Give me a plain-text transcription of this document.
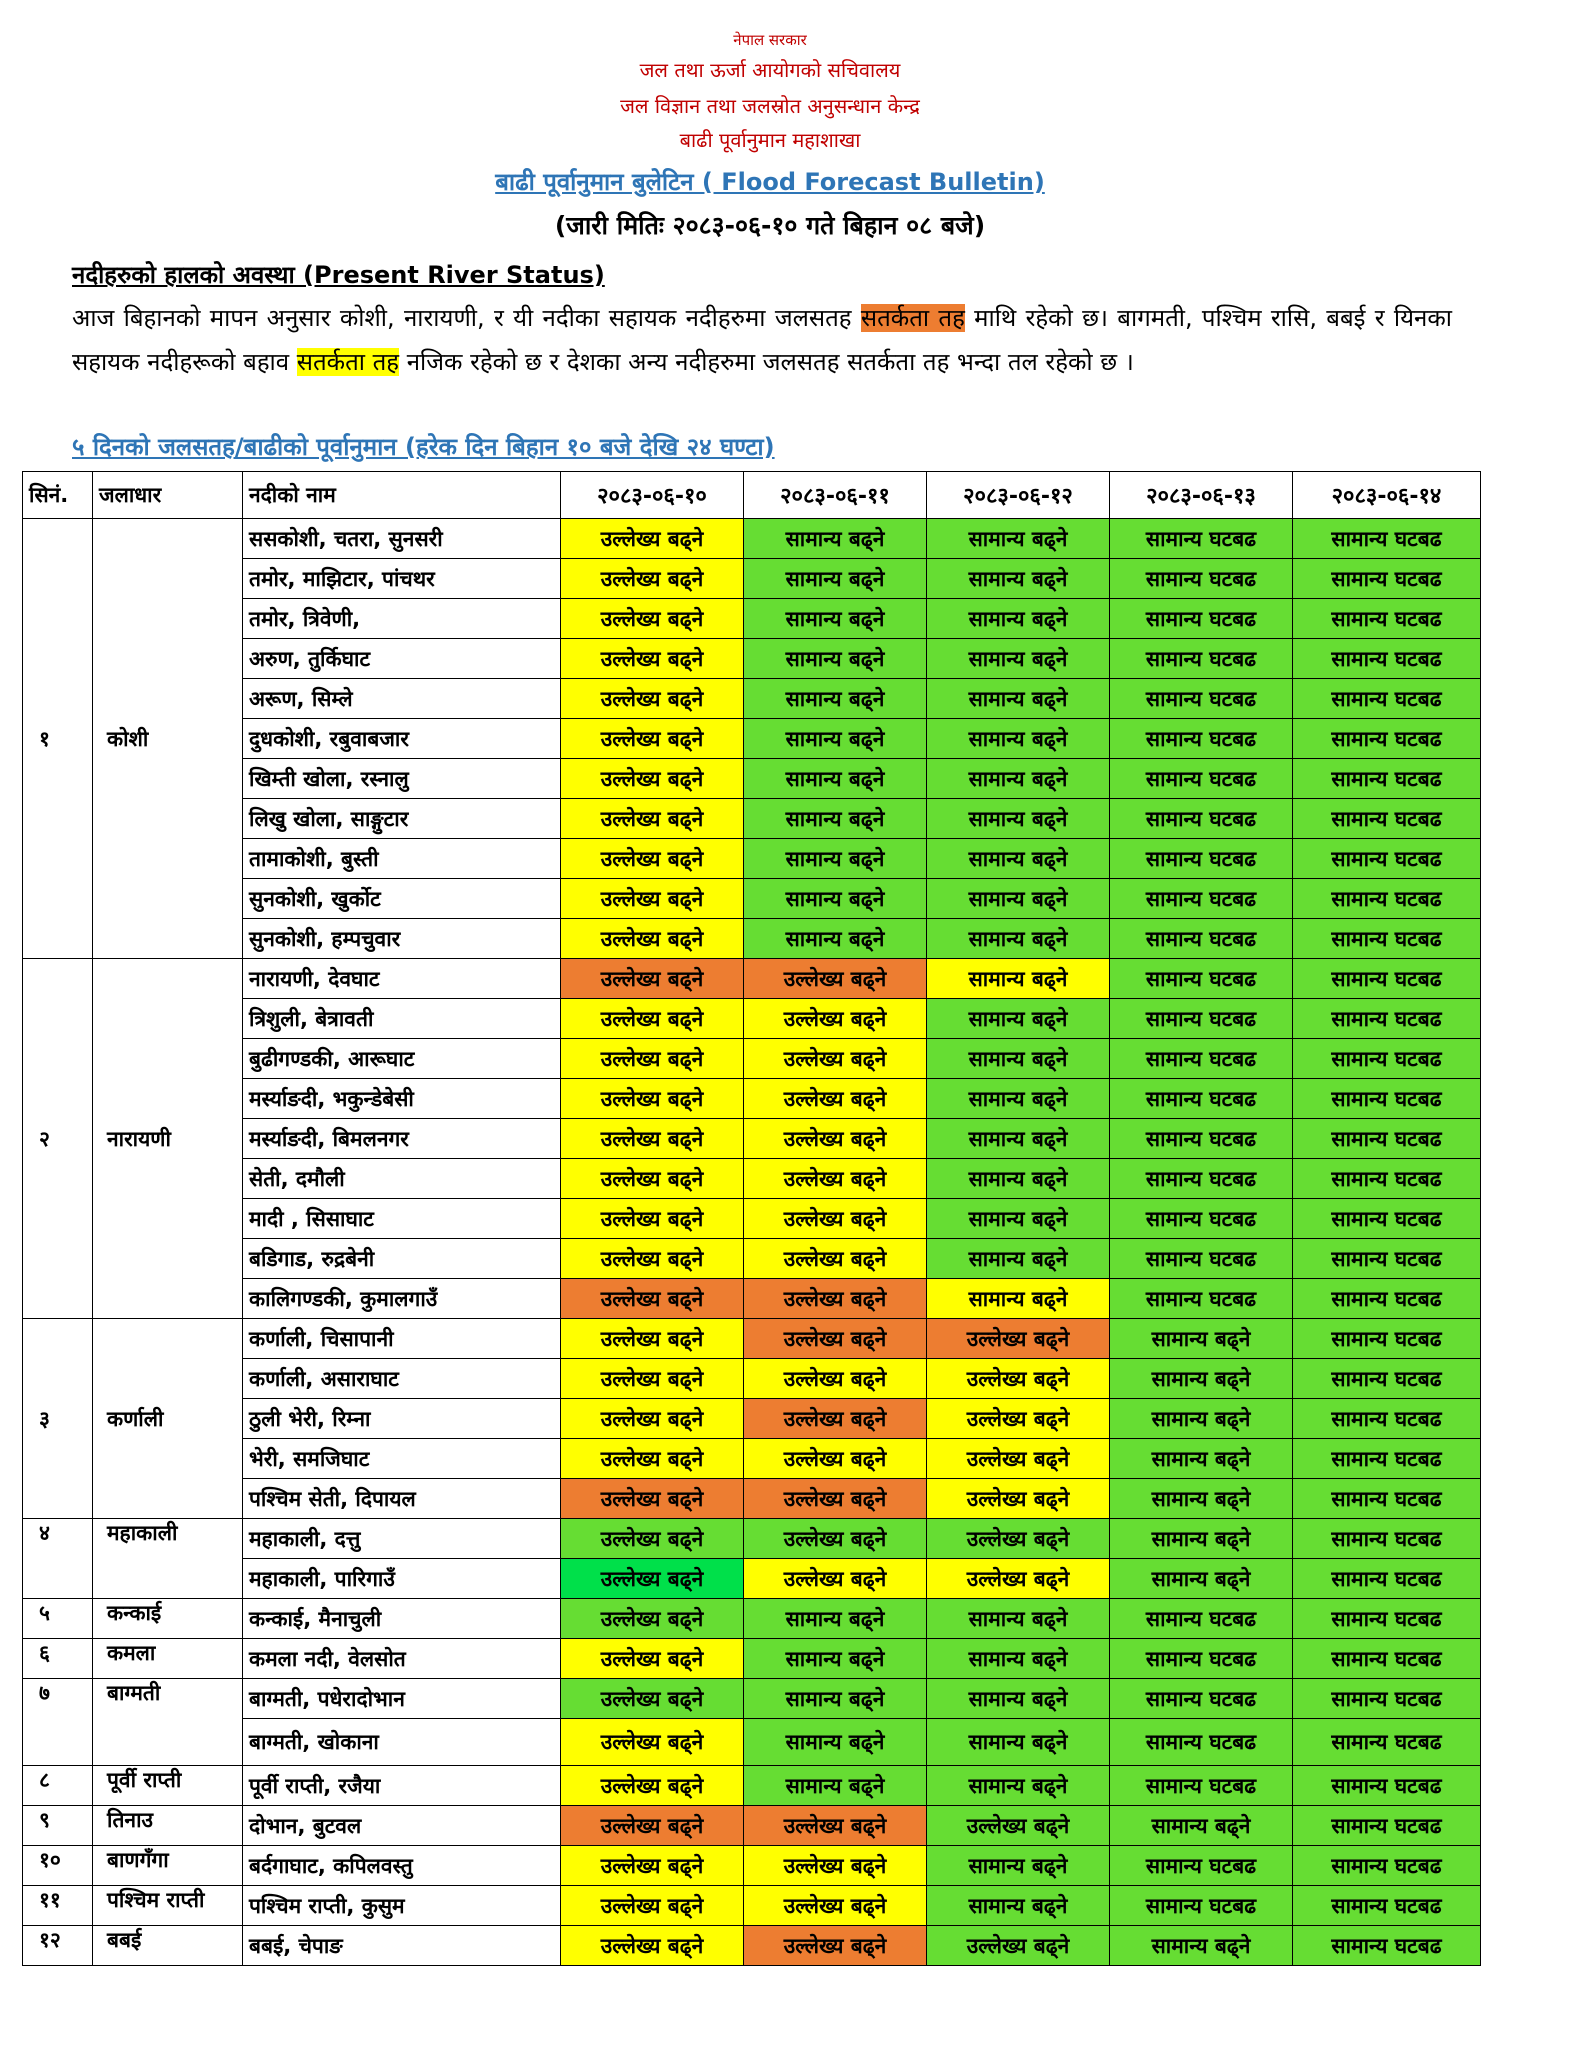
नेपाल सरकार
जल तथा ऊर्जा आयोगको सचिवालय
जल विज्ञान तथा जलस्रोत अनुसन्धान केन्द्र
बाढी पूर्वानुमान महाशाखा
बाढी पूर्वानुमान बुलेटिन ( Flood Forecast Bulletin)
(जारी मितिः २०८३-०६-१० गते बिहान ०८ बजे)
नदीहरुको हालको अवस्था (Present River Status)
आज बिहानको मापन अनुसार कोशी, नारायणी, र यी नदीका सहायक नदीहरुमा जलसतह सतर्कता तह माथि रहेको छ। बागमती, पश्चिम रासि, बबई र यिनका सहायक नदीहरूको बहाव सतर्कता तह नजिक रहेको छ र देशका अन्य नदीहरुमा जलसतह सतर्कता तह भन्दा तल रहेको छ ।
५ दिनको जलसतह/बाढीको पूर्वानुमान (हरेक दिन बिहान १० बजे देखि २४ घण्टा)
सिनं.	जलाधार	नदीको नाम	२०८३-०६-१०	२०८३-०६-११	२०८३-०६-१२	२०८३-०६-१३	२०८३-०६-१४
१	कोशी	ससकोशी, चतरा, सुनसरी	उल्लेख्य बढ्ने	सामान्य बढ्ने	सामान्य बढ्ने	सामान्य घटबढ	सामान्य घटबढ
		तमोर, माझिटार, पांचथर	उल्लेख्य बढ्ने	सामान्य बढ्ने	सामान्य बढ्ने	सामान्य घटबढ	सामान्य घटबढ
		तमोर, त्रिवेणी,	उल्लेख्य बढ्ने	सामान्य बढ्ने	सामान्य बढ्ने	सामान्य घटबढ	सामान्य घटबढ
		अरुण, तुर्किघाट	उल्लेख्य बढ्ने	सामान्य बढ्ने	सामान्य बढ्ने	सामान्य घटबढ	सामान्य घटबढ
		अरूण, सिम्ले	उल्लेख्य बढ्ने	सामान्य बढ्ने	सामान्य बढ्ने	सामान्य घटबढ	सामान्य घटबढ
		दुधकोशी, रबुवाबजार	उल्लेख्य बढ्ने	सामान्य बढ्ने	सामान्य बढ्ने	सामान्य घटबढ	सामान्य घटबढ
		खिम्ती खोला, रस्नालु	उल्लेख्य बढ्ने	सामान्य बढ्ने	सामान्य बढ्ने	सामान्य घटबढ	सामान्य घटबढ
		लिखु खोला, साङ्गुटार	उल्लेख्य बढ्ने	सामान्य बढ्ने	सामान्य बढ्ने	सामान्य घटबढ	सामान्य घटबढ
		तामाकोशी, बुस्ती	उल्लेख्य बढ्ने	सामान्य बढ्ने	सामान्य बढ्ने	सामान्य घटबढ	सामान्य घटबढ
		सुनकोशी, खुर्कोट	उल्लेख्य बढ्ने	सामान्य बढ्ने	सामान्य बढ्ने	सामान्य घटबढ	सामान्य घटबढ
		सुनकोशी, हम्पचुवार	उल्लेख्य बढ्ने	सामान्य बढ्ने	सामान्य बढ्ने	सामान्य घटबढ	सामान्य घटबढ
२	नारायणी	नारायणी, देवघाट	उल्लेख्य बढ्ने	उल्लेख्य बढ्ने	सामान्य बढ्ने	सामान्य घटबढ	सामान्य घटबढ
		त्रिशुली, बेत्रावती	उल्लेख्य बढ्ने	उल्लेख्य बढ्ने	सामान्य बढ्ने	सामान्य घटबढ	सामान्य घटबढ
		बुढीगण्डकी, आरूघाट	उल्लेख्य बढ्ने	उल्लेख्य बढ्ने	सामान्य बढ्ने	सामान्य घटबढ	सामान्य घटबढ
		मर्स्याङदी, भकुन्डेबेसी	उल्लेख्य बढ्ने	उल्लेख्य बढ्ने	सामान्य बढ्ने	सामान्य घटबढ	सामान्य घटबढ
		मर्स्याङदी, बिमलनगर	उल्लेख्य बढ्ने	उल्लेख्य बढ्ने	सामान्य बढ्ने	सामान्य घटबढ	सामान्य घटबढ
		सेती, दमौली	उल्लेख्य बढ्ने	उल्लेख्य बढ्ने	सामान्य बढ्ने	सामान्य घटबढ	सामान्य घटबढ
		मादी , सिसाघाट	उल्लेख्य बढ्ने	उल्लेख्य बढ्ने	सामान्य बढ्ने	सामान्य घटबढ	सामान्य घटबढ
		बडिगाड, रुद्रबेनी	उल्लेख्य बढ्ने	उल्लेख्य बढ्ने	सामान्य बढ्ने	सामान्य घटबढ	सामान्य घटबढ
		कालिगण्डकी, कुमालगाउँ	उल्लेख्य बढ्ने	उल्लेख्य बढ्ने	सामान्य बढ्ने	सामान्य घटबढ	सामान्य घटबढ
३	कर्णाली	कर्णाली, चिसापानी	उल्लेख्य बढ्ने	उल्लेख्य बढ्ने	उल्लेख्य बढ्ने	सामान्य बढ्ने	सामान्य घटबढ
		कर्णाली, असाराघाट	उल्लेख्य बढ्ने	उल्लेख्य बढ्ने	उल्लेख्य बढ्ने	सामान्य बढ्ने	सामान्य घटबढ
		ठुली भेरी, रिम्ना	उल्लेख्य बढ्ने	उल्लेख्य बढ्ने	उल्लेख्य बढ्ने	सामान्य बढ्ने	सामान्य घटबढ
		भेरी, समजिघाट	उल्लेख्य बढ्ने	उल्लेख्य बढ्ने	उल्लेख्य बढ्ने	सामान्य बढ्ने	सामान्य घटबढ
		पश्चिम सेती, दिपायल	उल्लेख्य बढ्ने	उल्लेख्य बढ्ने	उल्लेख्य बढ्ने	सामान्य बढ्ने	सामान्य घटबढ
४	महाकाली	महाकाली, दत्तु	उल्लेख्य बढ्ने	उल्लेख्य बढ्ने	उल्लेख्य बढ्ने	सामान्य बढ्ने	सामान्य घटबढ
		महाकाली, पारिगाउँ	उल्लेख्य बढ्ने	उल्लेख्य बढ्ने	उल्लेख्य बढ्ने	सामान्य बढ्ने	सामान्य घटबढ
५	कन्काई	कन्काई, मैनाचुली	उल्लेख्य बढ्ने	सामान्य बढ्ने	सामान्य बढ्ने	सामान्य घटबढ	सामान्य घटबढ
६	कमला	कमला नदी, वेलसोत	उल्लेख्य बढ्ने	सामान्य बढ्ने	सामान्य बढ्ने	सामान्य घटबढ	सामान्य घटबढ
७	बाग्मती	बाग्मती, पधेरादोभान	उल्लेख्य बढ्ने	सामान्य बढ्ने	सामान्य बढ्ने	सामान्य घटबढ	सामान्य घटबढ
		बाग्मती, खोकाना	उल्लेख्य बढ्ने	सामान्य बढ्ने	सामान्य बढ्ने	सामान्य घटबढ	सामान्य घटबढ
८	पूर्वी राप्ती	पूर्वी राप्ती, रजैया	उल्लेख्य बढ्ने	सामान्य बढ्ने	सामान्य बढ्ने	सामान्य घटबढ	सामान्य घटबढ
९	तिनाउ	दोभान, बुटवल	उल्लेख्य बढ्ने	उल्लेख्य बढ्ने	उल्लेख्य बढ्ने	सामान्य बढ्ने	सामान्य घटबढ
१०	बाणगँगा	बर्दगाघाट, कपिलवस्तु	उल्लेख्य बढ्ने	उल्लेख्य बढ्ने	सामान्य बढ्ने	सामान्य घटबढ	सामान्य घटबढ
११	पश्चिम राप्ती	पश्चिम राप्ती, कुसुम	उल्लेख्य बढ्ने	उल्लेख्य बढ्ने	सामान्य बढ्ने	सामान्य घटबढ	सामान्य घटबढ
१२	बबई	बबई, चेपाङ	उल्लेख्य बढ्ने	उल्लेख्य बढ्ने	उल्लेख्य बढ्ने	सामान्य बढ्ने	सामान्य घटबढ
